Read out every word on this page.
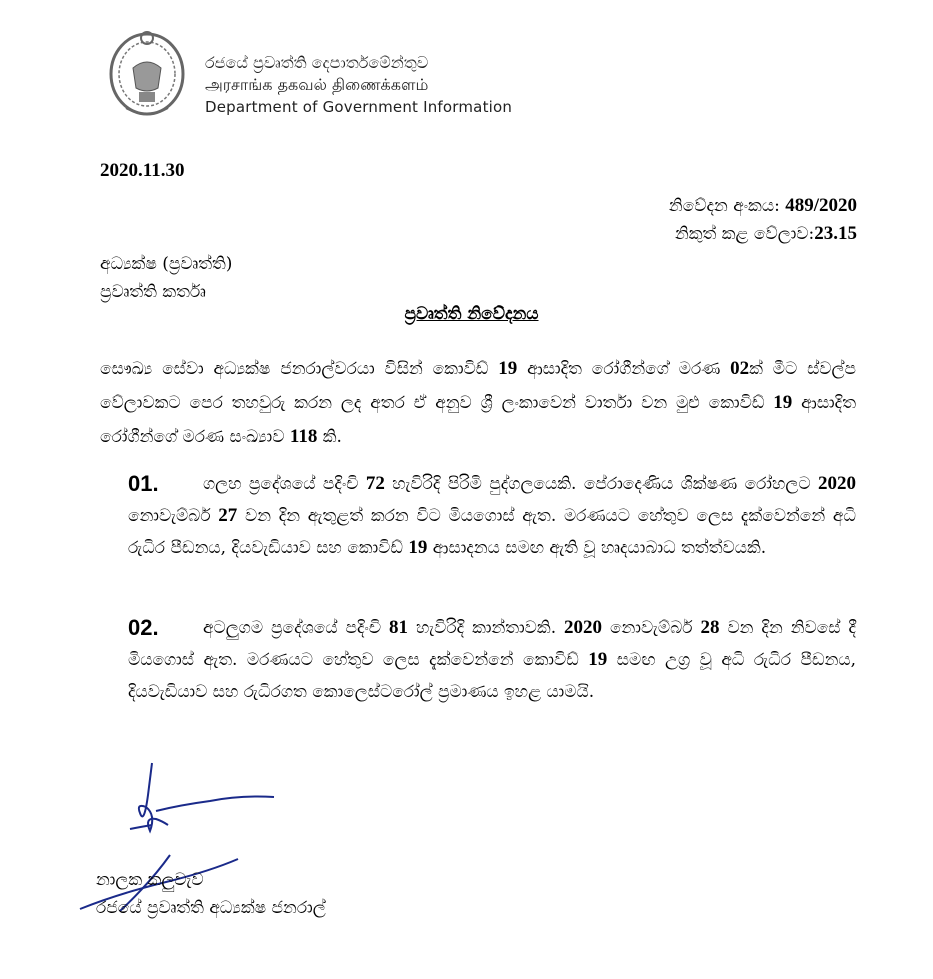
රජයේ ප්‍රවෘත්ති දෙපාර්තමේන්තුව
அரசாங்க தகவல் திணைக்களம்
Department of Government Information
2020.11.30
නිවේදන අංකය: 489/2020
නිකුත් කළ වේලාව:23.15
අධ්‍යක්ෂ (ප්‍රවෘත්ති)
ප්‍රවෘත්ති කර්තෘ
ප්‍රවෘත්ති නිවේදනය
සෞඛ්‍ය සේවා අධ්‍යක්ෂ ජනරාල්වරයා විසින් කොවිඩ් 19 ආසාදිත රෝගීන්ගේ මරණ 02ක් මීට ස්වල්ප වේලාවකට පෙර තහවුරු කරන ලද අතර ඒ අනුව ශ්‍රී ලංකාවෙන් වාර්තා වන මුළු කොවිඩ් 19 ආසාදිත රෝගීන්ගේ මරණ සංඛ්‍යාව 118 කි.
01.	ගලහ ප්‍රදේශයේ පදිංචි 72 හැවිරිදි පිරිමි පුද්ගලයෙකි. පේරාදෙණිය ශික්ෂණ රෝහලට 2020 නොවැම්බර් 27 වන දින ඇතුළත් කරන විට මියගොස් ඇත. මරණයට හේතුව ලෙස දැක්වෙන්නේ අධි රුධිර පීඩනය, දියවැඩියාව සහ කොවිඩ් 19 ආසාදනය සමඟ ඇති වූ හෘදයාබාධ තත්ත්වයකි.
02.	අටලුගම ප්‍රදේශයේ පදිංචි 81 හැවිරිදි කාන්තාවකි. 2020 නොවැම්බර් 28 වන දින නිවසේ දී මියගොස් ඇත. මරණයට හේතුව ලෙස දැක්වෙන්නේ කොවිඩ් 19 සමඟ උග්‍ර වූ අධි රුධිර පීඩනය, දියවැඩියාව සහ රුධිරගත කොලෙස්ටරෝල් ප්‍රමාණය ඉහළ යාමයි.
නාලක කලුවැව
රජයේ ප්‍රවෘත්ති අධ්‍යක්ෂ ජනරාල්
